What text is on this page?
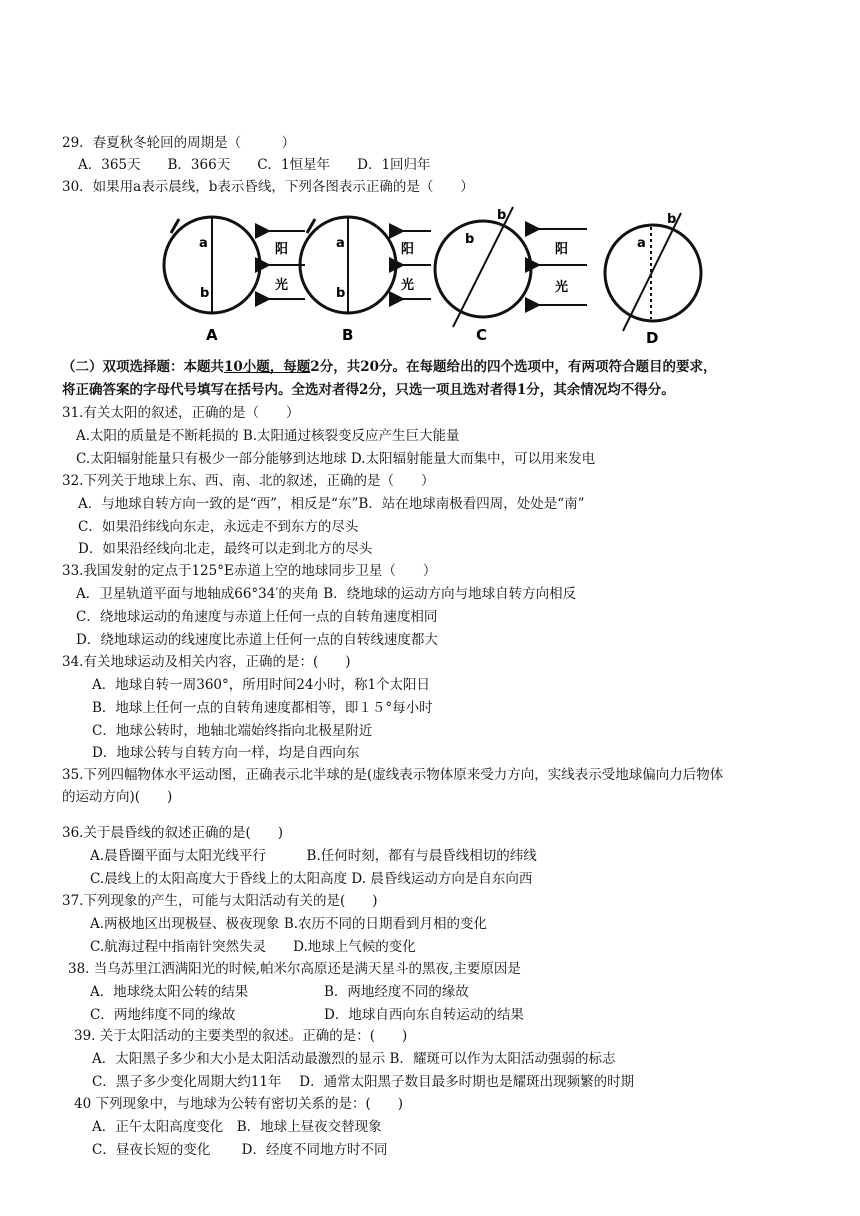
29．春夏秋冬轮回的周期是（　　　）
A．365天　　B．366天　　C．1恒星年　　D．1回归年
30．如果用a表示晨线，b表示昏线，下列各图表示正确的是（　　）
a
b
阳
光
A
a
b
阳
光
B
b
b
阳
光
C
b
a
D
（二）双项选择题：本题共10小题，每题2分，共20分。在每题给出的四个选项中，有两项符合题目的要求，
将正确答案的字母代号填写在括号内。全选对者得2分，只选一项且选对者得1分，其余情况均不得分。
31.有关太阳的叙述，正确的是（　　）
A.太阳的质量是不断耗损的 B.太阳通过核裂变反应产生巨大能量
C.太阳辐射能量只有极少一部分能够到达地球 D.太阳辐射能量大而集中，可以用来发电
32.下列关于地球上东、西、南、北的叙述，正确的是（　　）
A．与地球自转方向一致的是“西”，相反是“东”B．站在地球南极看四周，处处是“南”
C．如果沿纬线向东走，永远走不到东方的尽头
D．如果沿经线向北走，最终可以走到北方的尽头
33.我国发射的定点于125°E赤道上空的地球同步卫星（　　）
A．卫星轨道平面与地轴成66°34′的夹角 B．绕地球的运动方向与地球自转方向相反
C．绕地球运动的角速度与赤道上任何一点的自转角速度相同
D．绕地球运动的线速度比赤道上任何一点的自转线速度都大
34.有关地球运动及相关内容，正确的是：(　　)
A．地球自转一周360°，所用时间24小时，称1个太阳日
B．地球上任何一点的自转角速度都相等，即１５°每小时
C．地球公转时，地轴北端始终指向北极星附近
D．地球公转与自转方向一样，均是自西向东
35.下列四幅物体水平运动图，正确表示北半球的是(虚线表示物体原来受力方向，实线表示受地球偏向力后物体
的运动方向)(　　)
36.关于晨昏线的叙述正确的是(　　)
A.晨昏圈平面与太阳光线平行　　　B.任何时刻，都有与晨昏线相切的纬线
C.晨线上的太阳高度大于昏线上的太阳高度 D. 晨昏线运动方向是自东向西
37.下列现象的产生，可能与太阳活动有关的是(　　)
A.两极地区出现极昼、极夜现象 B.农历不同的日期看到月相的变化
C.航海过程中指南针突然失灵　　D.地球上气候的变化
38. 当乌苏里江洒满阳光的时候,帕米尔高原还是满天星斗的黑夜,主要原因是
A．地球绕太阳公转的结果	B．两地经度不同的缘故
C．两地纬度不同的缘故	D．地球自西向东自转运动的结果
39. 关于太阳活动的主要类型的叙述。正确的是：(　　)
A．太阳黑子多少和大小是太阳活动最激烈的显示 B．耀斑可以作为太阳活动强弱的标志
C．黑子多少变化周期大约11年　 D．通常太阳黑子数目最多时期也是耀斑出现频繁的时期
40 下列现象中，与地球为公转有密切关系的是：(　　)
A．正午太阳高度变化　B．地球上昼夜交替现象
C．昼夜长短的变化　　 D．经度不同地方时不同
